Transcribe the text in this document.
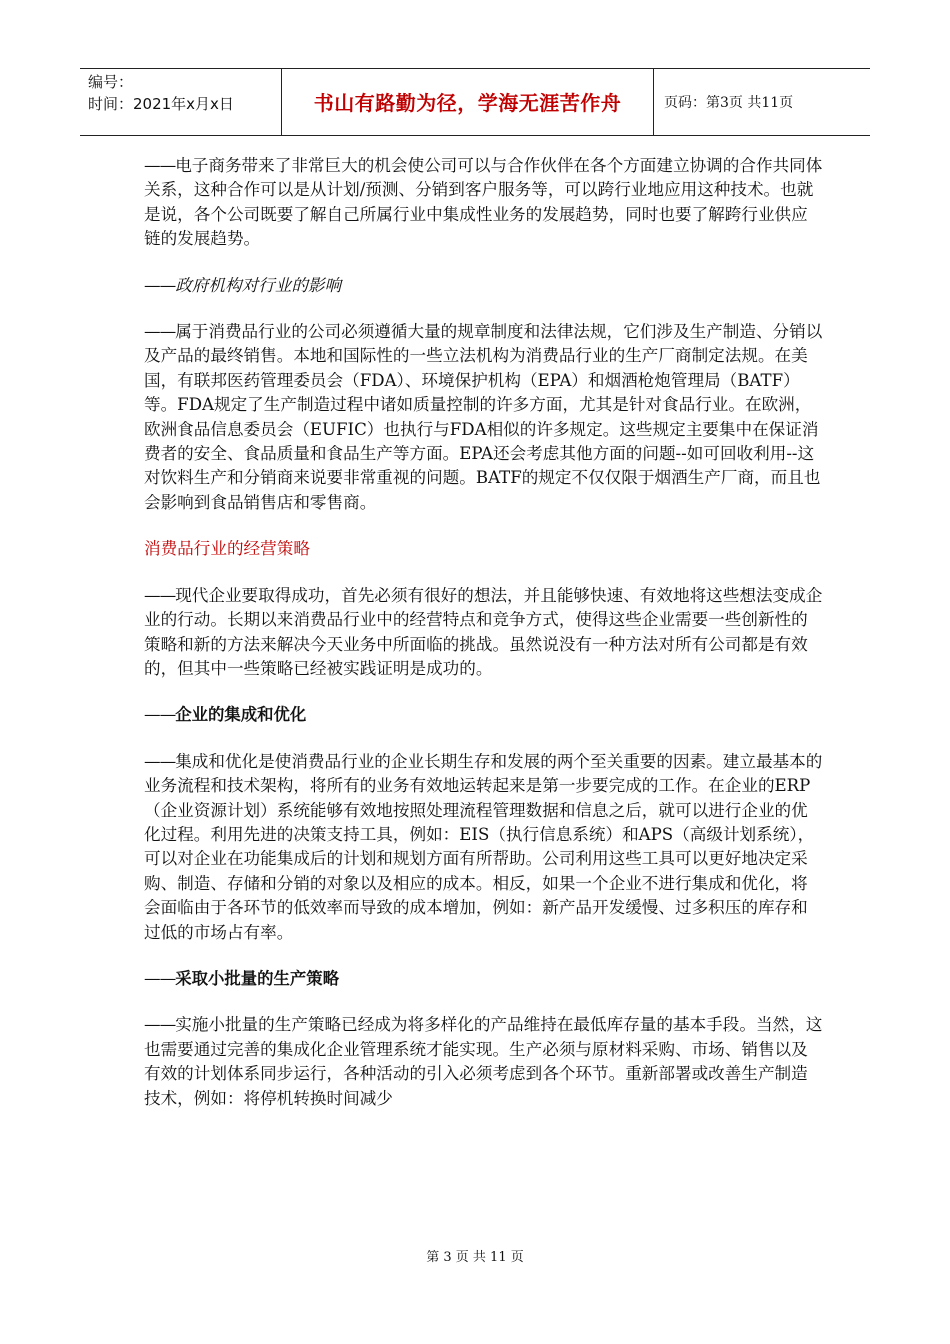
编号：
时间：2021年x月x日	书山有路勤为径，学海无涯苦作舟	页码：第3页 共11页

——电子商务带来了非常巨大的机会使公司可以与合作伙伴在各个方面建立协调的合作共同体关系，这种合作可以是从计划/预测、分销到客户服务等，可以跨行业地应用这种技术。也就是说，各个公司既要了解自己所属行业中集成性业务的发展趋势，同时也要了解跨行业供应链的发展趋势。

——政府机构对行业的影响

——属于消费品行业的公司必须遵循大量的规章制度和法律法规，它们涉及生产制造、分销以及产品的最终销售。本地和国际性的一些立法机构为消费品行业的生产厂商制定法规。在美国，有联邦医药管理委员会（FDA）、环境保护机构（EPA）和烟酒枪炮管理局（BATF）等。FDA规定了生产制造过程中诸如质量控制的许多方面，尤其是针对食品行业。在欧洲，欧洲食品信息委员会（EUFIC）也执行与FDA相似的许多规定。这些规定主要集中在保证消费者的安全、食品质量和食品生产等方面。EPA还会考虑其他方面的问题--如可回收利用--这对饮料生产和分销商来说要非常重视的问题。BATF的规定不仅仅限于烟酒生产厂商，而且也会影响到食品销售店和零售商。

消费品行业的经营策略

——现代企业要取得成功，首先必须有很好的想法，并且能够快速、有效地将这些想法变成企业的行动。长期以来消费品行业中的经营特点和竞争方式，使得这些企业需要一些创新性的策略和新的方法来解决今天业务中所面临的挑战。虽然说没有一种方法对所有公司都是有效的，但其中一些策略已经被实践证明是成功的。

——企业的集成和优化

——集成和优化是使消费品行业的企业长期生存和发展的两个至关重要的因素。建立最基本的业务流程和技术架构，将所有的业务有效地运转起来是第一步要完成的工作。在企业的ERP（企业资源计划）系统能够有效地按照处理流程管理数据和信息之后，就可以进行企业的优化过程。利用先进的决策支持工具，例如：EIS（执行信息系统）和APS（高级计划系统），可以对企业在功能集成后的计划和规划方面有所帮助。公司利用这些工具可以更好地决定采购、制造、存储和分销的对象以及相应的成本。相反，如果一个企业不进行集成和优化，将会面临由于各环节的低效率而导致的成本增加，例如：新产品开发缓慢、过多积压的库存和过低的市场占有率。

——采取小批量的生产策略

——实施小批量的生产策略已经成为将多样化的产品维持在最低库存量的基本手段。当然，这也需要通过完善的集成化企业管理系统才能实现。生产必须与原材料采购、市场、销售以及有效的计划体系同步运行，各种活动的引入必须考虑到各个环节。重新部署或改善生产制造技术，例如：将停机转换时间减少

第 3 页 共 11 页
